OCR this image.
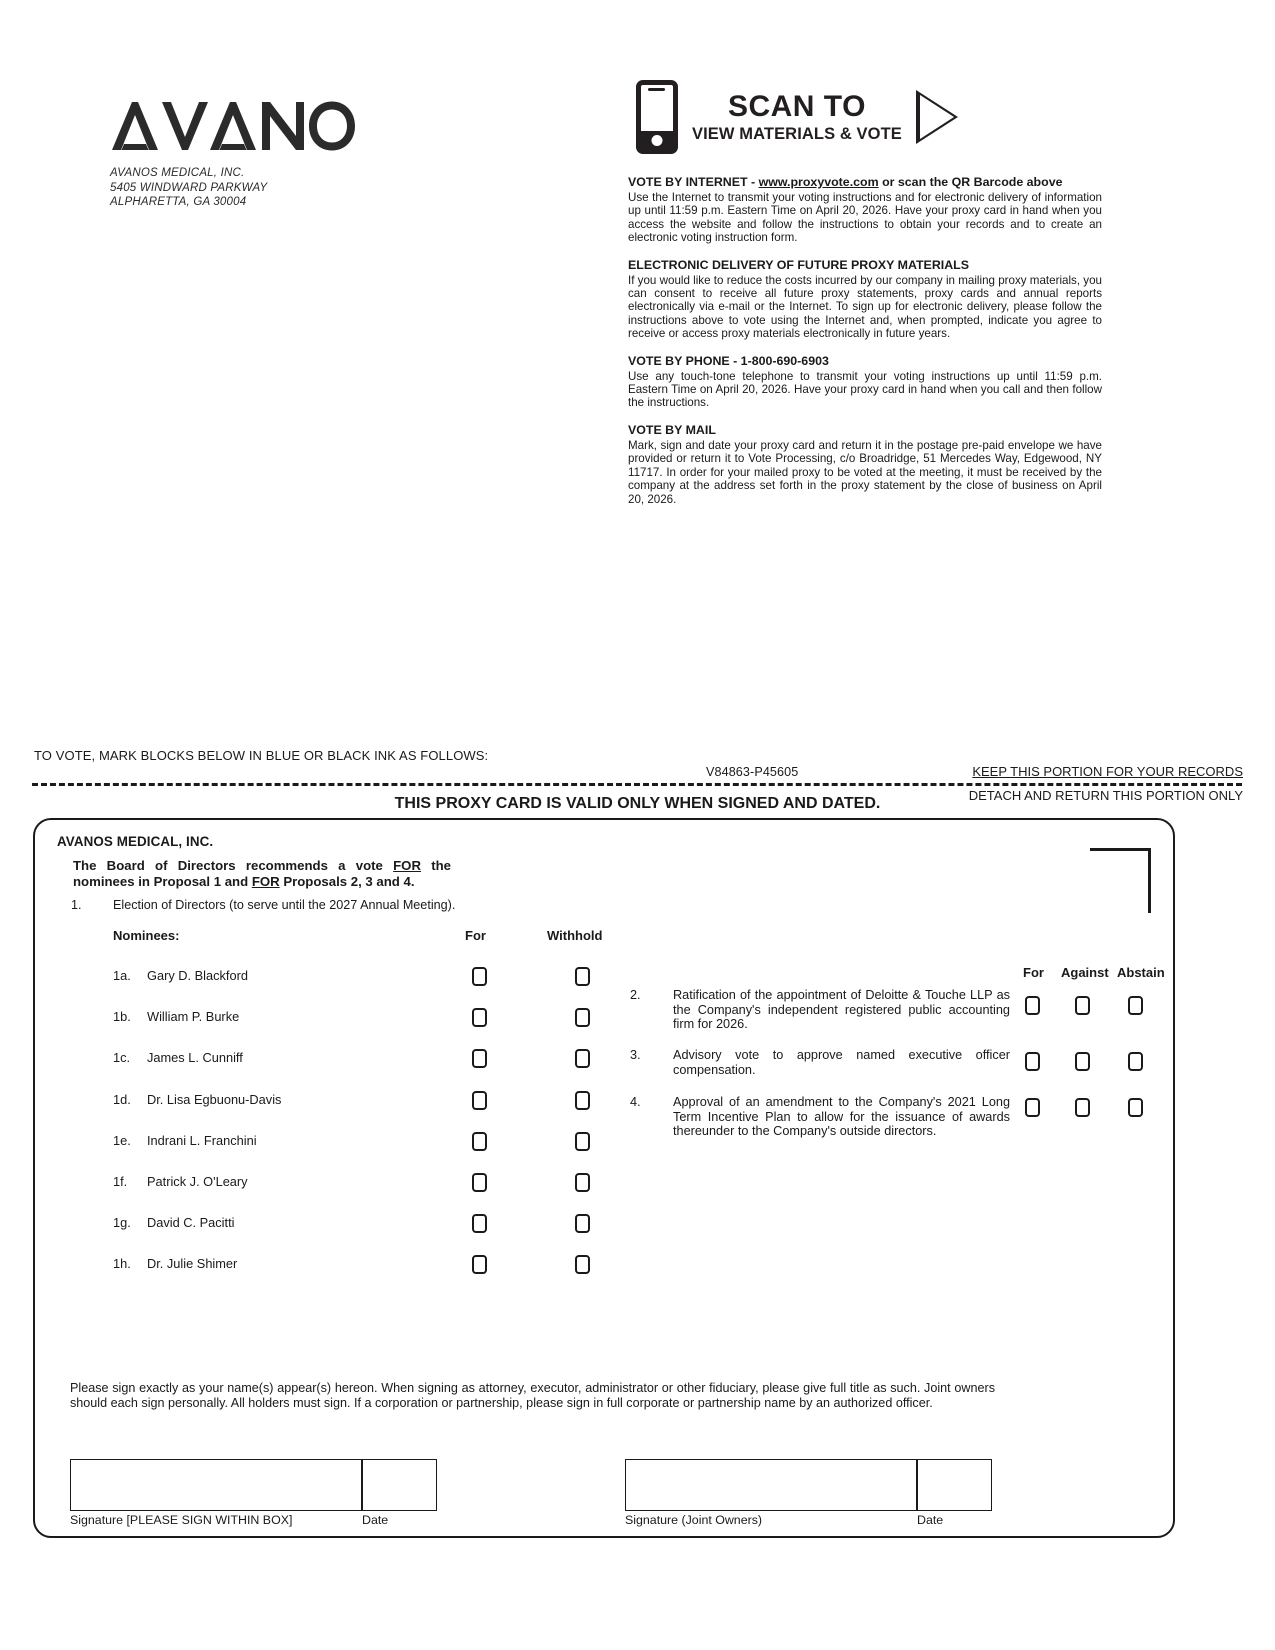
AVANOS MEDICAL, INC.
5405 WINDWARD PARKWAY
ALPHARETTA, GA 30004
SCAN TO
VIEW MATERIALS & VOTE
VOTE BY INTERNET - www.proxyvote.com or scan the QR Barcode above

Use the Internet to transmit your voting instructions and for electronic delivery of information up until 11:59 p.m. Eastern Time on April 20, 2026. Have your proxy card in hand when you access the website and follow the instructions to obtain your records and to create an electronic voting instruction form.

ELECTRONIC DELIVERY OF FUTURE PROXY MATERIALS

If you would like to reduce the costs incurred by our company in mailing proxy materials, you can consent to receive all future proxy statements, proxy cards and annual reports electronically via e-mail or the Internet. To sign up for electronic delivery, please follow the instructions above to vote using the Internet and, when prompted, indicate you agree to receive or access proxy materials electronically in future years.

VOTE BY PHONE - 1-800-690-6903

Use any touch-tone telephone to transmit your voting instructions up until 11:59 p.m. Eastern Time on April 20, 2026. Have your proxy card in hand when you call and then follow the instructions.

VOTE BY MAIL

Mark, sign and date your proxy card and return it in the postage pre-paid envelope we have provided or return it to Vote Processing, c/o Broadridge, 51 Mercedes Way, Edgewood, NY 11717. In order for your mailed proxy to be voted at the meeting, it must be received by the company at the address set forth in the proxy statement by the close of business on April 20, 2026.

TO VOTE, MARK BLOCKS BELOW IN BLUE OR BLACK INK AS FOLLOWS:
V84863-P45605	KEEP THIS PORTION FOR YOUR RECORDS
DETACH AND RETURN THIS PORTION ONLY
THIS PROXY CARD IS VALID ONLY WHEN SIGNED AND DATED.
AVANOS MEDICAL, INC.
The Board of Directors recommends a vote FOR the nominees in Proposal 1 and FOR Proposals 2, 3 and 4.
1.	Election of Directors (to serve until the 2027 Annual Meeting).
Nominees:	For	Withhold
1a.	Gary D. Blackford
1b.	William P. Burke
1c.	James L. Cunniff
1d.	Dr. Lisa Egbuonu-Davis
1e.	Indrani L. Franchini
1f.	Patrick J. O'Leary
1g.	David C. Pacitti
1h.	Dr. Julie Shimer
For Against Abstain
2.	Ratification of the appointment of Deloitte & Touche LLP as the Company's independent registered public accounting firm for 2026.
3.	Advisory vote to approve named executive officer compensation.
4.	Approval of an amendment to the Company's 2021 Long Term Incentive Plan to allow for the issuance of awards thereunder to the Company's outside directors.
Please sign exactly as your name(s) appear(s) hereon. When signing as attorney, executor, administrator or other fiduciary, please give full title as such. Joint owners should each sign personally. All holders must sign. If a corporation or partnership, please sign in full corporate or partnership name by an authorized officer.
Signature [PLEASE SIGN WITHIN BOX]	Date	Signature (Joint Owners)	Date
